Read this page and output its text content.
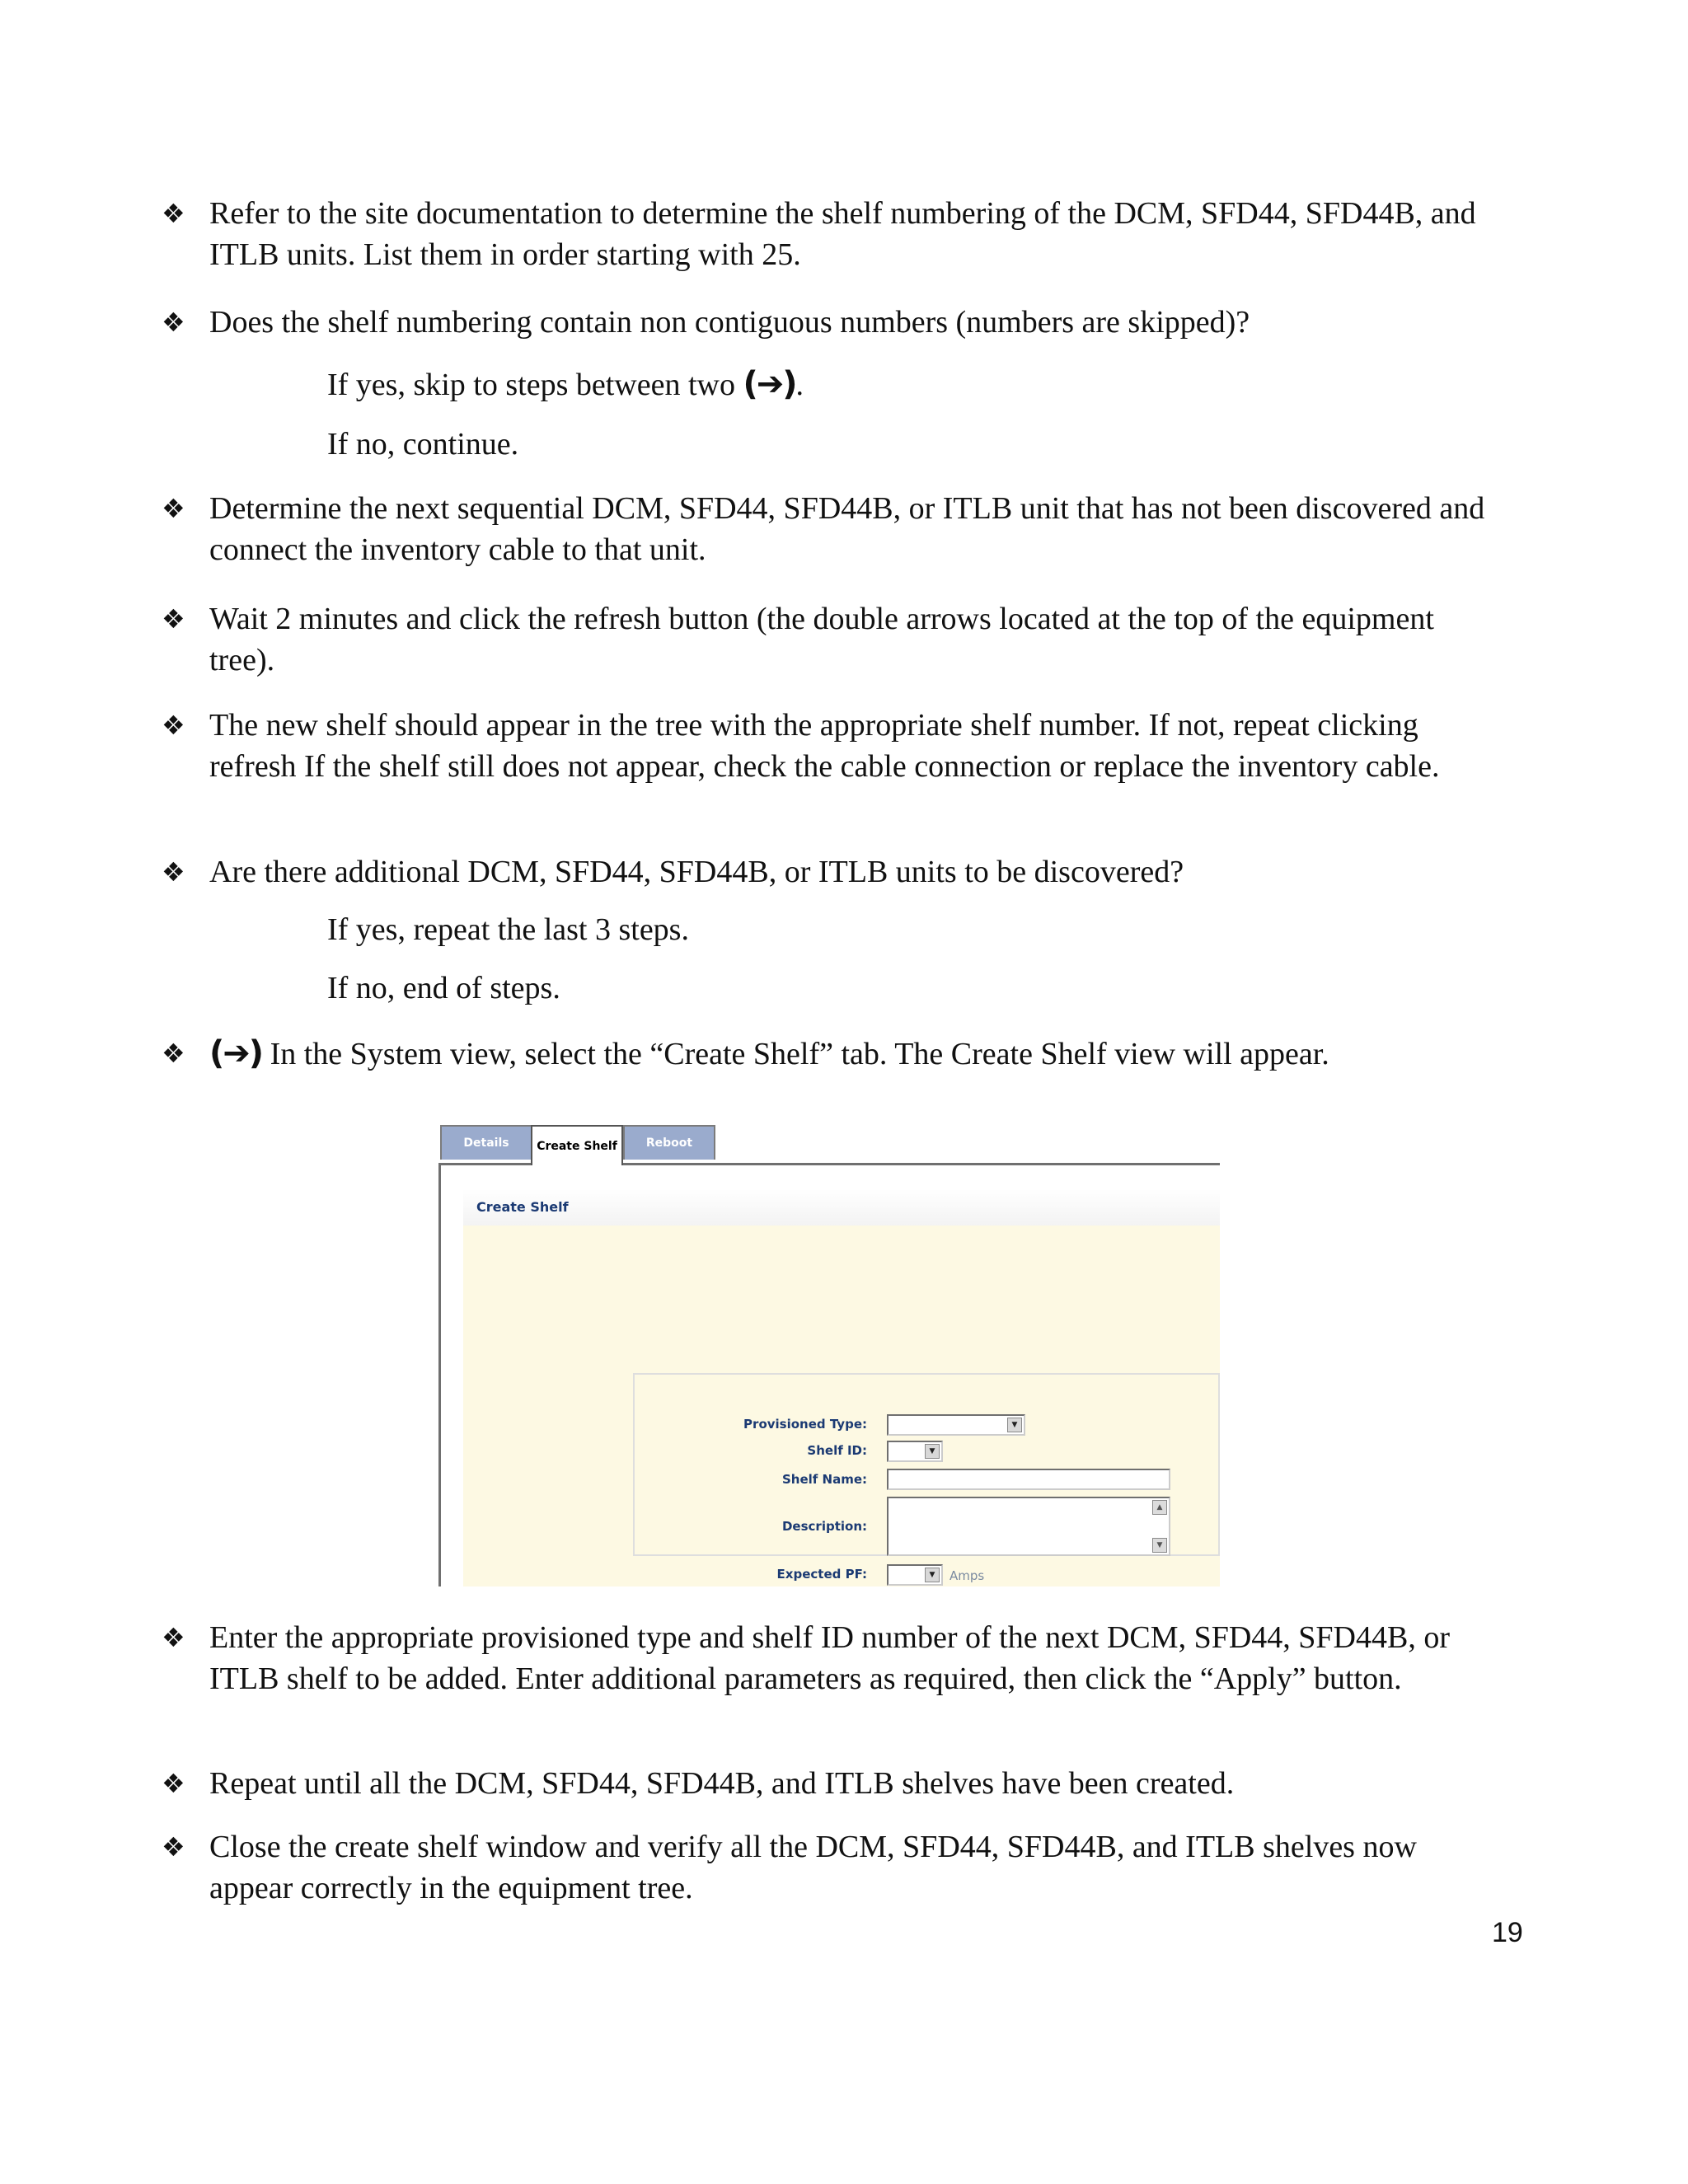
❖ Refer to the site documentation to determine the shelf numbering of the DCM, SFD44, SFD44B, and ITLB units. List them in order starting with 25.
❖ Does the shelf numbering contain non contiguous numbers (numbers are skipped)?
If yes, skip to steps between two (➔).
If no, continue.
❖ Determine the next sequential DCM, SFD44, SFD44B, or ITLB unit that has not been discovered and connect the inventory cable to that unit.
❖ Wait 2 minutes and click the refresh button (the double arrows located at the top of the equipment tree).
❖ The new shelf should appear in the tree with the appropriate shelf number. If not, repeat clicking refresh If the shelf still does not appear, check the cable connection or replace the inventory cable.
❖ Are there additional DCM, SFD44, SFD44B, or ITLB units to be discovered?
If yes, repeat the last 3 steps.
If no, end of steps.
❖ (➔) In the System view, select the “Create Shelf” tab. The Create Shelf view will appear.
Details	Create Shelf	Reboot
Create Shelf
Provisioned Type:	▼
Shelf ID:	▼
Shelf Name:
Description:
▲
▼
Expected PF:	▼	Amps
❖ Enter the appropriate provisioned type and shelf ID number of the next DCM, SFD44, SFD44B, or ITLB shelf to be added. Enter additional parameters as required, then click the “Apply” button.
❖ Repeat until all the DCM, SFD44, SFD44B, and ITLB shelves have been created.
❖ Close the create shelf window and verify all the DCM, SFD44, SFD44B, and ITLB shelves now appear correctly in the equipment tree.
19
